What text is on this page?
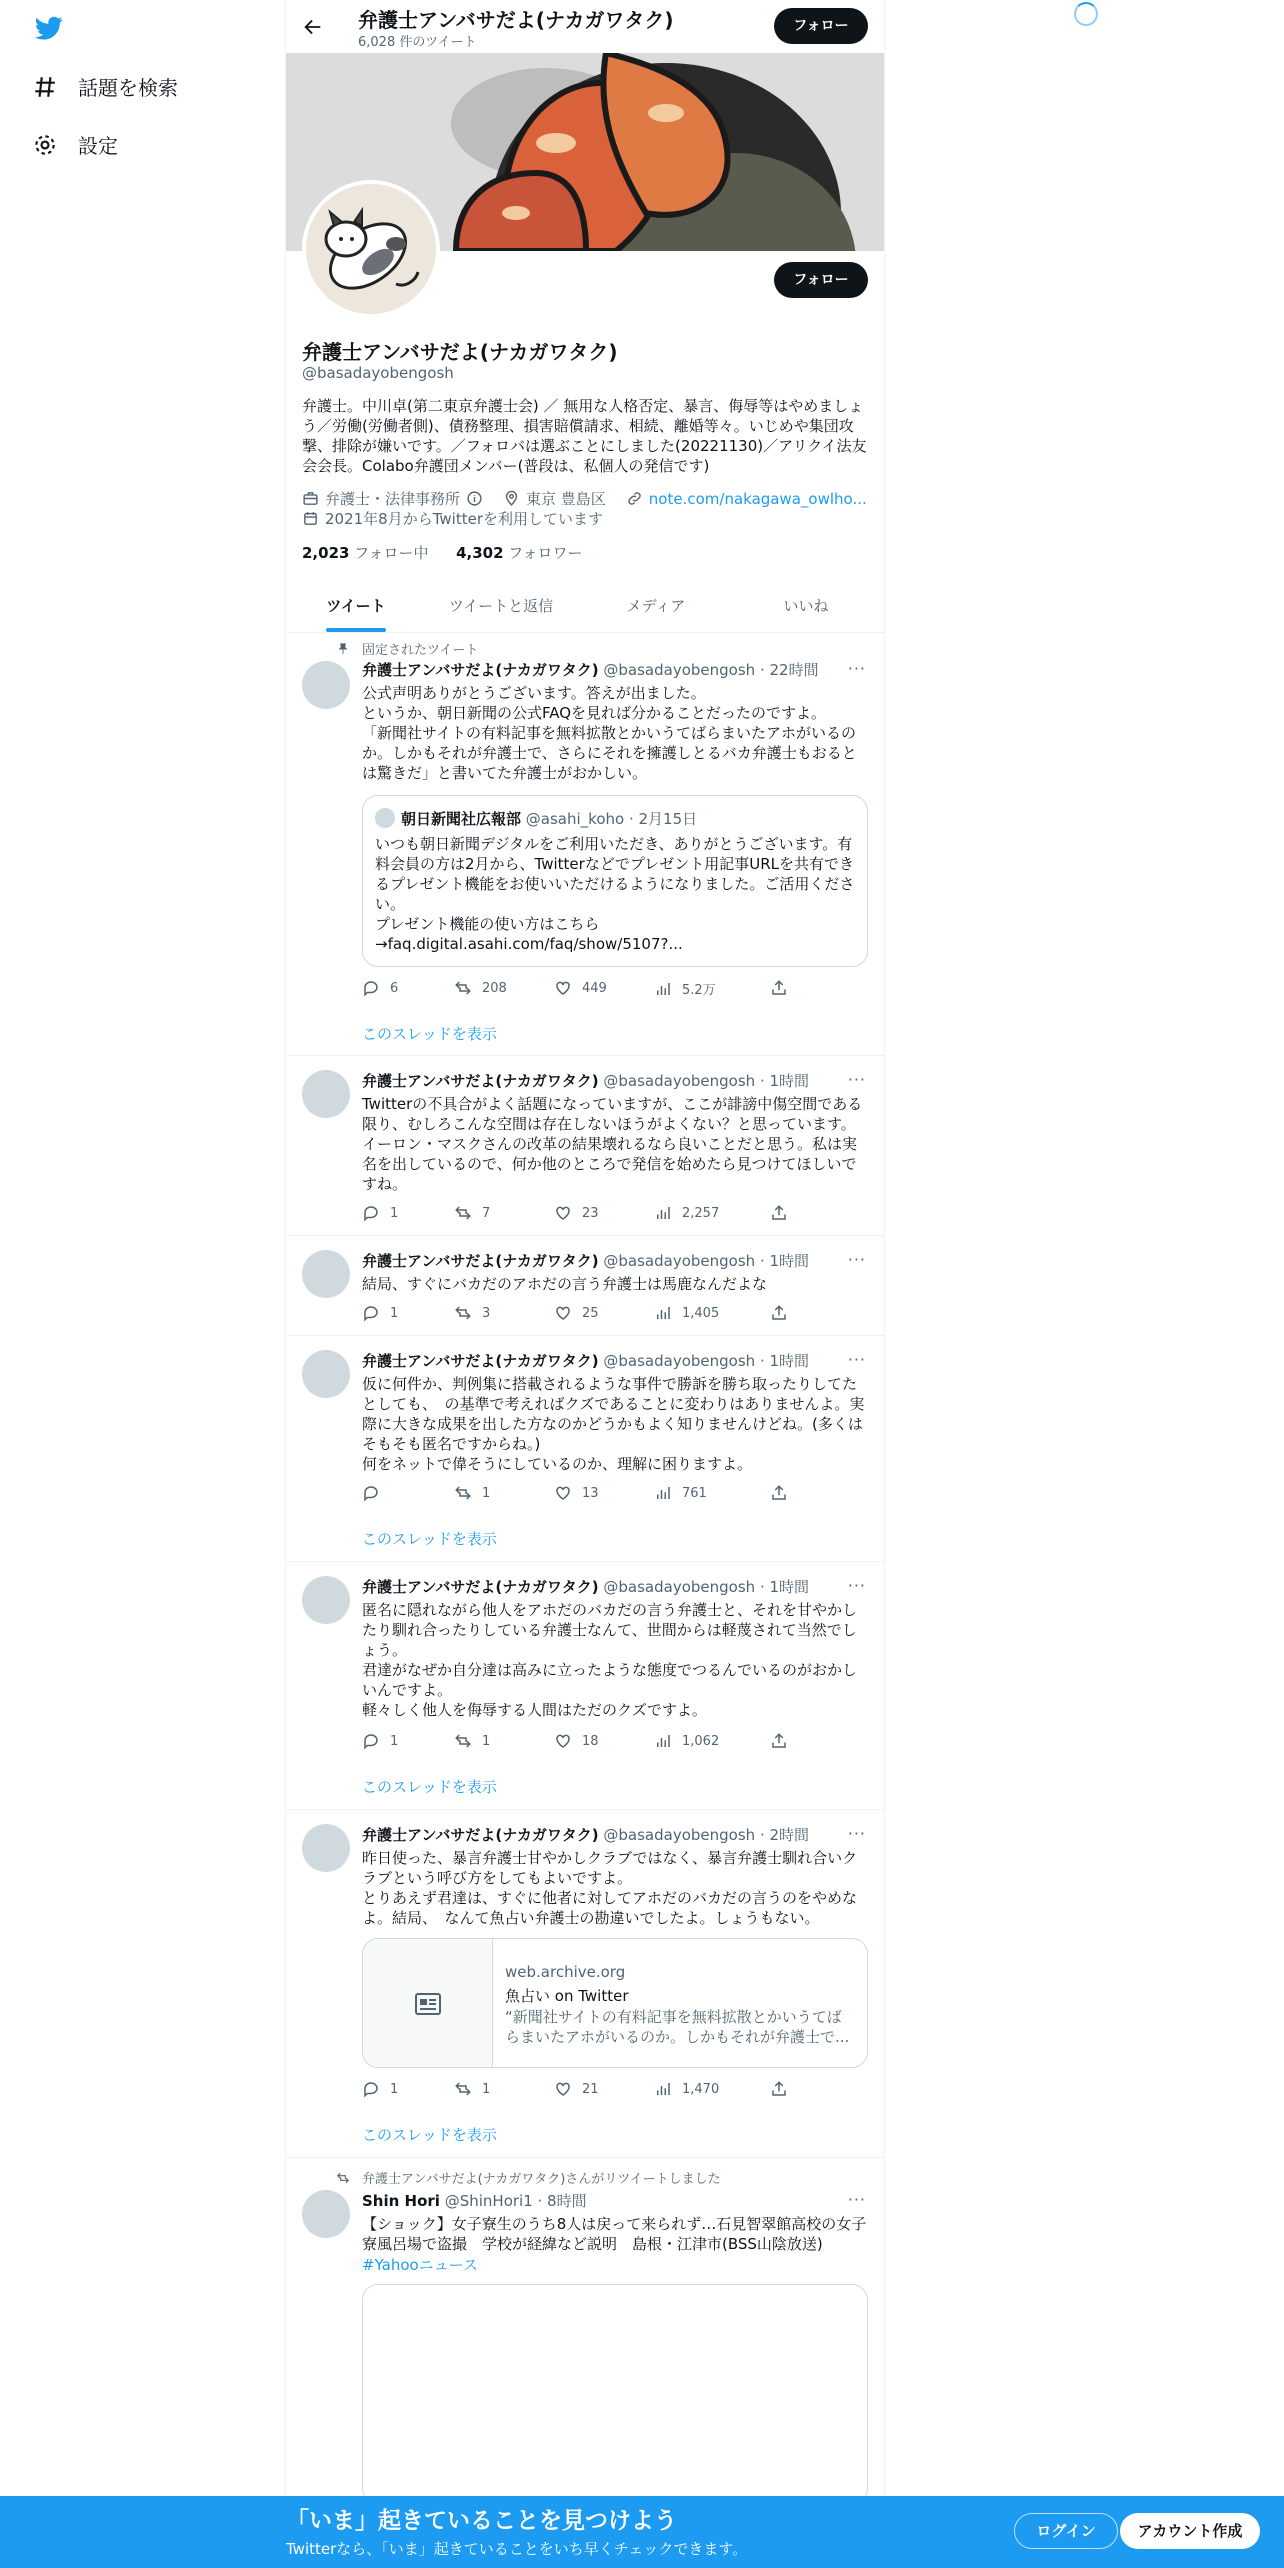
話題を検索
設定
弁護士アンバサだよ(ナカガワタク)
6,028 件のツイート
フォロー
フォロー
弁護士アンバサだよ(ナカガワタク)
@basadayobengosh
弁護士。中川卓(第二東京弁護士会) ／ 無用な人格否定、暴言、侮辱等はやめましょう／労働(労働者側)、債務整理、損害賠償請求、相続、離婚等々。いじめや集団攻撃、排除が嫌いです。／フォロバは選ぶことにしました(20221130)／アリクイ法友会会長。Colabo弁護団メンバー(普段は、私個人の発信です)
弁護士・法律事務所	東京 豊島区	note.com/nakagawa_owlho...
2021年8月からTwitterを利用しています
2,023 フォロー中 4,302 フォロワー
ツイート	ツイートと返信	メディア	いいね
固定されたツイート
弁護士アンバサだよ(ナカガワタク) @basadayobengosh · 22時間 ···
公式声明ありがとうございます。答えが出ました。
というか、朝日新聞の公式FAQを見れば分かることだったのですよ。
「新聞社サイトの有料記事を無料拡散とかいうてばらまいたアホがいるのか。しかもそれが弁護士で、さらにそれを擁護しとるバカ弁護士もおるとは驚きだ」と書いてた弁護士がおかしい。
朝日新聞社広報部 @asahi_koho · 2月15日
いつも朝日新聞デジタルをご利用いただき、ありがとうございます。有料会員の方は2月から、Twitterなどでプレゼント用記事URLを共有できるプレゼント機能をお使いいただけるようになりました。ご活用ください。
プレゼント機能の使い方はこちら
→faq.digital.asahi.com/faq/show/5107?...
6	208	449	5.2万
このスレッドを表示
弁護士アンバサだよ(ナカガワタク) @basadayobengosh · 1時間 ···
Twitterの不具合がよく話題になっていますが、ここが誹謗中傷空間である限り、むしろこんな空間は存在しないほうがよくない？と思っています。
イーロン・マスクさんの改革の結果壊れるなら良いことだと思う。私は実名を出しているので、何か他のところで発信を始めたら見つけてほしいですね。
1	7	23	2,257
弁護士アンバサだよ(ナカガワタク) @basadayobengosh · 1時間 ···
結局、すぐにバカだのアホだの言う弁護士は馬鹿なんだよな
1	3	25	1,405
弁護士アンバサだよ(ナカガワタク) @basadayobengosh · 1時間 ···
仮に何件か、判例集に搭載されるような事件で勝訴を勝ち取ったりしてたとしても、　の基準で考えればクズであることに変わりはありませんよ。実際に大きな成果を出した方なのかどうかもよく知りませんけどね。(多くはそもそも匿名ですからね。)
何をネットで偉そうにしているのか、理解に困りますよ。
1	13	761
このスレッドを表示
弁護士アンバサだよ(ナカガワタク) @basadayobengosh · 1時間 ···
匿名に隠れながら他人をアホだのバカだの言う弁護士と、それを甘やかしたり馴れ合ったりしている弁護士なんて、世間からは軽蔑されて当然でしょう。
君達がなぜか自分達は高みに立ったような態度でつるんでいるのがおかしいんですよ。
軽々しく他人を侮辱する人間はただのクズですよ。
1	1	18	1,062
このスレッドを表示
弁護士アンバサだよ(ナカガワタク) @basadayobengosh · 2時間 ···
昨日使った、暴言弁護士甘やかしクラブではなく、暴言弁護士馴れ合いクラブという呼び方をしてもよいですよ。
とりあえず君達は、すぐに他者に対してアホだのバカだの言うのをやめなよ。結局、　なんて魚占い弁護士の勘違いでしたよ。しょうもない。
web.archive.org
魚占い on Twitter
“新聞社サイトの有料記事を無料拡散とかいうてばらまいたアホがいるのか。しかもそれが弁護士で...
1	1	21	1,470
このスレッドを表示
弁護士アンバサだよ(ナカガワタク)さんがリツイートしました
Shin Hori @ShinHori1 · 8時間	···
【ショック】女子寮生のうち8人は戻って来られず…石見智翠館高校の女子寮風呂場で盗撮　学校が経緯など説明　島根・江津市(BSS山陰放送)
#Yahooニュース
「いま」起きていることを見つけよう
Twitterなら、「いま」起きていることをいち早くチェックできます。
ログイン	アカウント作成
